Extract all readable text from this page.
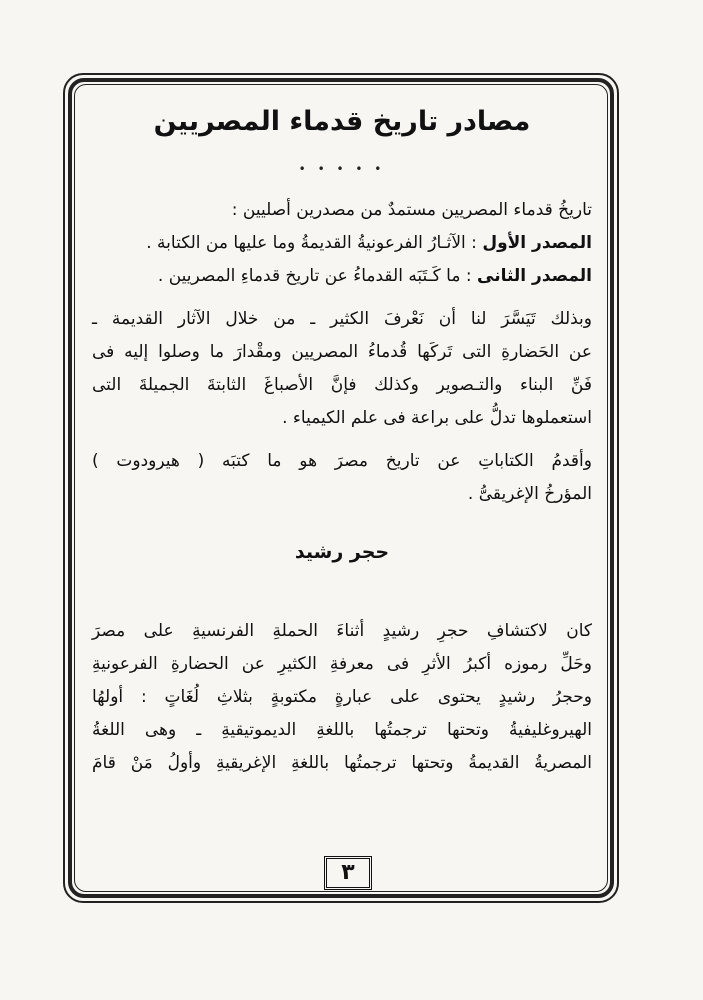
مصادر تاريخ قدماء المصريين
• • • • •

تاريخُ قدماء المصريين مستمدٌ من مصدرين أصليين :

المصدر الأول : الآثـارُ الفرعونيةُ القديمةُ وما عليها من الكتابة .

المصدر الثانى : ما كَـتَبَه القدماءُ عن تاريخ قدماءِ المصريين .

وبذلك تَيَسَّرَ لنا أن نَعْرفَ الكثير ـ من خلال الآثار القديمة ـ

عن الحَضارةِ التى تَركَها قُدماءُ المصريين ومقْدارَ ما وصلوا إليه فى

فَنِّ البناء والتـصوير وكذلك فإنَّ الأصباغَ الثابتةَ الجميلةَ التى

استعملوها تدلُّ على براعة فى علم الكيمياء .

وأقدمُ الكتاباتِ عن تاريخ مصرَ هو ما كتبَه ( هيرودوت )

المؤرخُ الإغريقىُّ .

حجر رشيد

كان لاكتشافِ حجرِ رشيدٍ أثناءَ الحملةِ الفرنسيةِ على مصرَ

وحَلِّ رموزه أكبرُ الأثرِ فى معرفةِ الكثيرِ عن الحضارةِ الفرعونيةِ

وحجرُ رشيدٍ يحتوى على عبارةٍ مكتوبةٍ بثلاثِ لُغَاتٍ : أولهُا

الهيروغليفيةُ وتحتها ترجمتُها باللغةِ الديموتيقيةِ ـ وهى اللغةُ

المصريةُ القديمةُ وتحتها ترجمتُها باللغةِ الإغريقيةِ وأولُ مَنْ قامَ

٣
